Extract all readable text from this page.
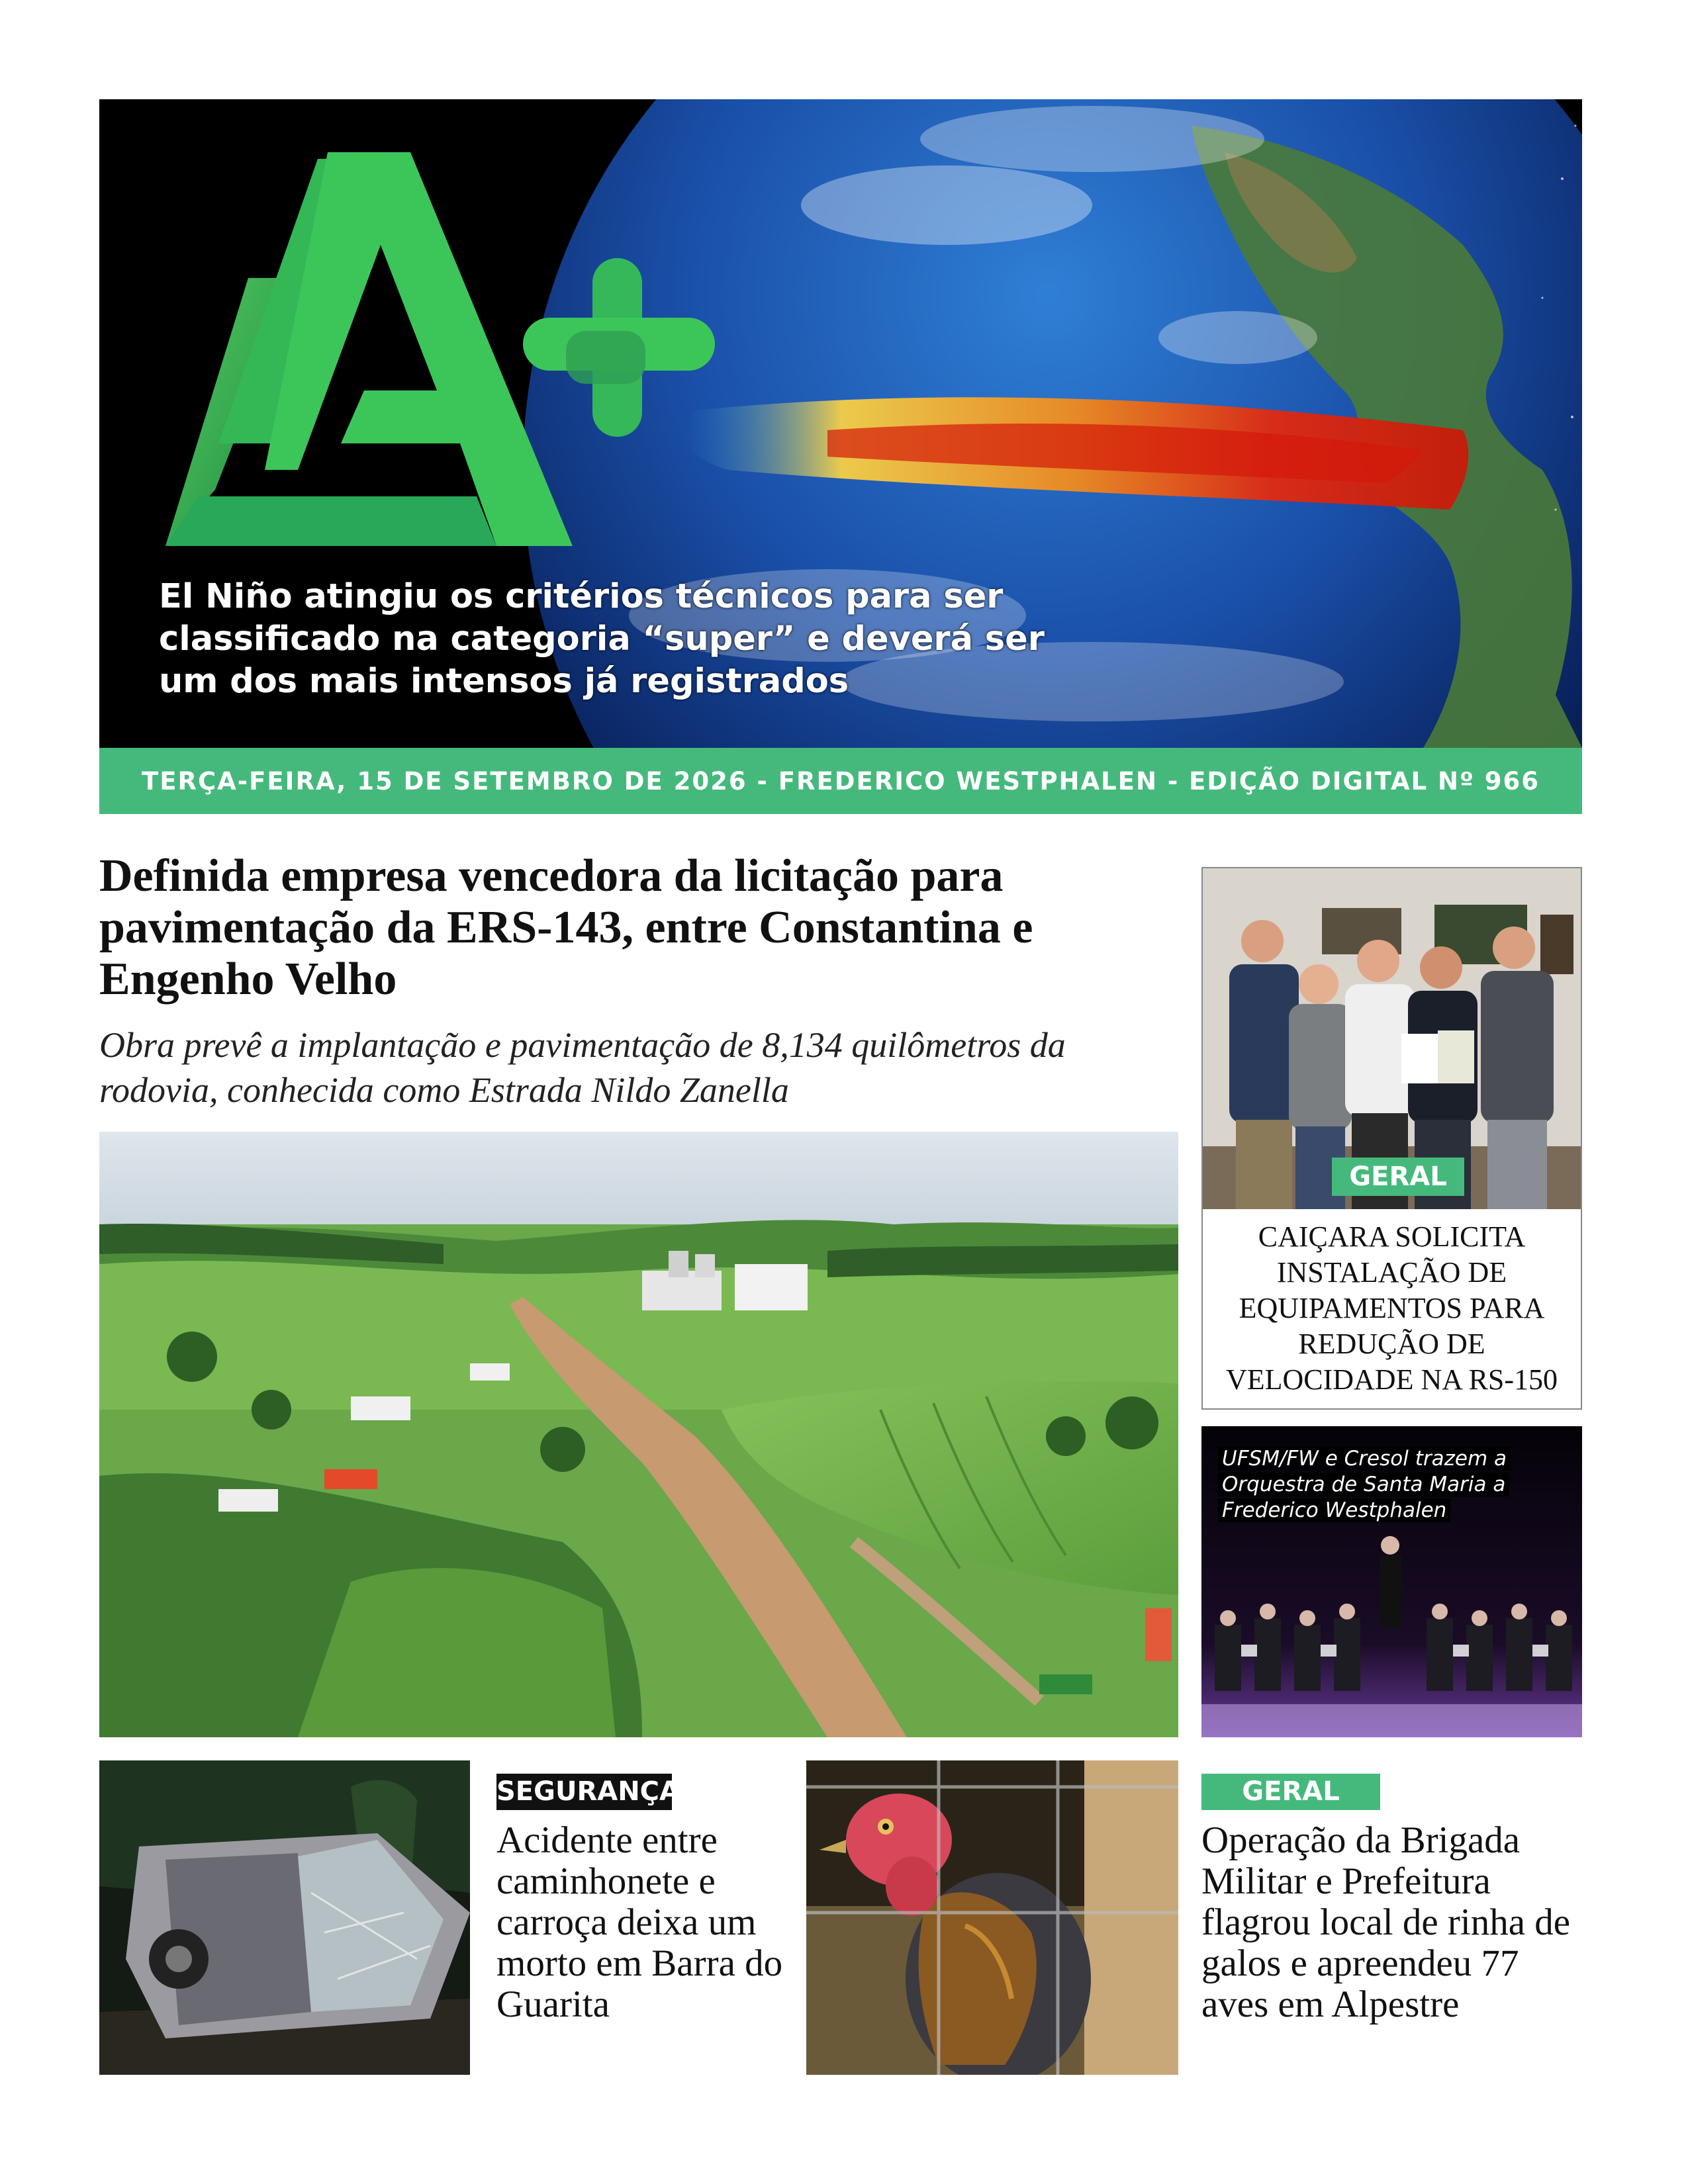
El Niño atingiu os critérios técnicos para ser classificado na categoria “super” e deverá ser um dos mais intensos já registrados
TERÇA-FEIRA, 15 DE SETEMBRO DE 2026 - FREDERICO WESTPHALEN - EDIÇÃO DIGITAL Nº 966
Definida empresa vencedora da licitação para pavimentação da ERS-143, entre Constantina e Engenho Velho

Obra prevê a implantação e pavimentação de 8,134 quilômetros da rodovia, conhecida como Estrada Nildo Zanella

GERAL
CAIÇARA SOLICITA INSTALAÇÃO DE EQUIPAMENTOS PARA REDUÇÃO DE VELOCIDADE NA RS-150
UFSM/FW e Cresol trazem a Orquestra de Santa Maria a Frederico Westphalen
SEGURANÇA
Acidente entre caminhonete e carroça deixa um morto em Barra do Guarita
GERAL
Operação da Brigada Militar e Prefeitura flagrou local de rinha de galos e apreendeu 77 aves em Alpestre
